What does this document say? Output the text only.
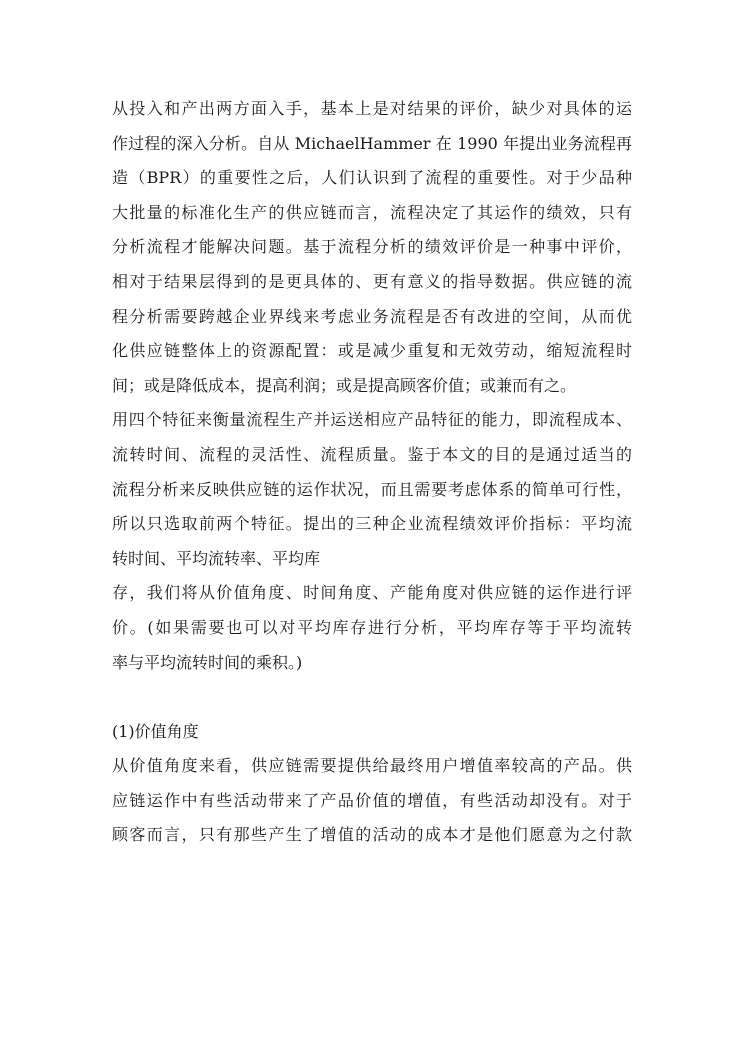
从投入和产出两方面入手，基本上是对结果的评价，缺少对具体的运
作过程的深入分析。自从 MichaelHammer 在 1990 年提出业务流程再
造（BPR）的重要性之后，人们认识到了流程的重要性。对于少品种
大批量的标准化生产的供应链而言，流程决定了其运作的绩效，只有
分析流程才能解决问题。基于流程分析的绩效评价是一种事中评价，
相对于结果层得到的是更具体的、更有意义的指导数据。供应链的流
程分析需要跨越企业界线来考虑业务流程是否有改进的空间，从而优
化供应链整体上的资源配置：或是减少重复和无效劳动，缩短流程时
间；或是降低成本，提高利润；或是提高顾客价值；或兼而有之。
用四个特征来衡量流程生产并运送相应产品特征的能力，即流程成本、
流转时间、流程的灵活性、流程质量。鉴于本文的目的是通过适当的
流程分析来反映供应链的运作状况，而且需要考虑体系的简单可行性，
所以只选取前两个特征。提出的三种企业流程绩效评价指标：平均流
转时间、平均流转率、平均库
存，我们将从价值角度、时间角度、产能角度对供应链的运作进行评
价。(如果需要也可以对平均库存进行分析，平均库存等于平均流转
率与平均流转时间的乘积。)
(1)价值角度
从价值角度来看，供应链需要提供给最终用户增值率较高的产品。供
应链运作中有些活动带来了产品价值的增值，有些活动却没有。对于
顾客而言，只有那些产生了增值的活动的成本才是他们愿意为之付款
